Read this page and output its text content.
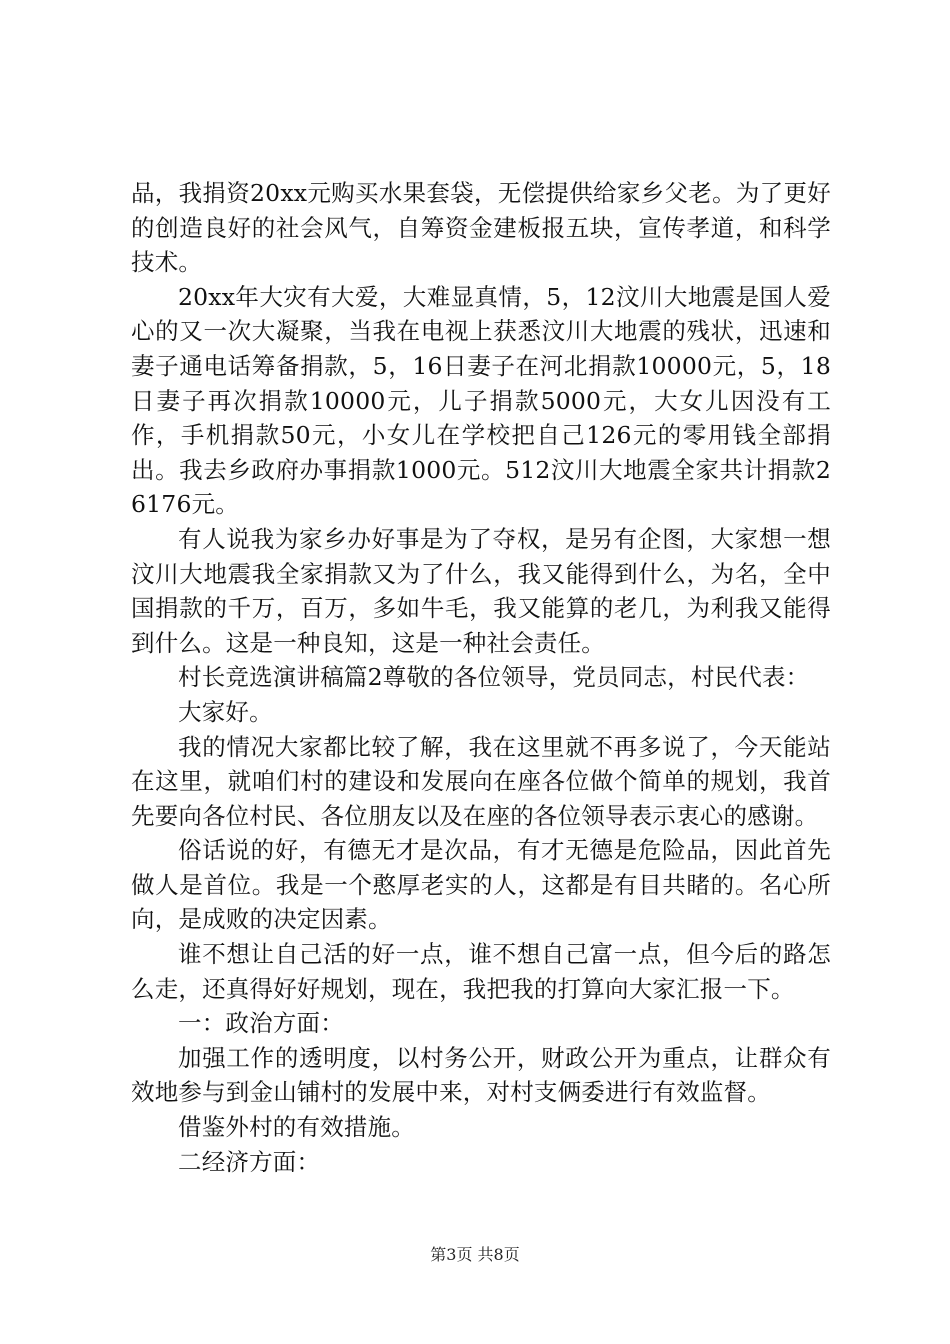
品，我捐资20xx元购买水果套袋，无偿提供给家乡父老。为了更好的创造良好的社会风气，自筹资金建板报五块，宣传孝道，和科学技术。

20xx年大灾有大爱，大难显真情，5，12汶川大地震是国人爱心的又一次大凝聚，当我在电视上获悉汶川大地震的残状，迅速和妻子通电话筹备捐款，5，16日妻子在河北捐款10000元，5，18日妻子再次捐款10000元，儿子捐款5000元，大女儿因没有工作，手机捐款50元，小女儿在学校把自己126元的零用钱全部捐出。我去乡政府办事捐款1000元。512汶川大地震全家共计捐款26176元。

有人说我为家乡办好事是为了夺权，是另有企图，大家想一想汶川大地震我全家捐款又为了什么，我又能得到什么，为名，全中国捐款的千万，百万，多如牛毛，我又能算的老几，为利我又能得到什么。这是一种良知，这是一种社会责任。

村长竞选演讲稿篇2尊敬的各位领导，党员同志，村民代表：

大家好。

我的情况大家都比较了解，我在这里就不再多说了，今天能站在这里，就咱们村的建设和发展向在座各位做个简单的规划，我首先要向各位村民、各位朋友以及在座的各位领导表示衷心的感谢。

俗话说的好，有德无才是次品，有才无德是危险品，因此首先做人是首位。我是一个憨厚老实的人，这都是有目共睹的。名心所向，是成败的决定因素。

谁不想让自己活的好一点，谁不想自己富一点，但今后的路怎么走，还真得好好规划，现在，我把我的打算向大家汇报一下。

一：政治方面：

加强工作的透明度，以村务公开，财政公开为重点，让群众有效地参与到金山铺村的发展中来，对村支俩委进行有效监督。

借鉴外村的有效措施。

二经济方面：

第3页 共8页
